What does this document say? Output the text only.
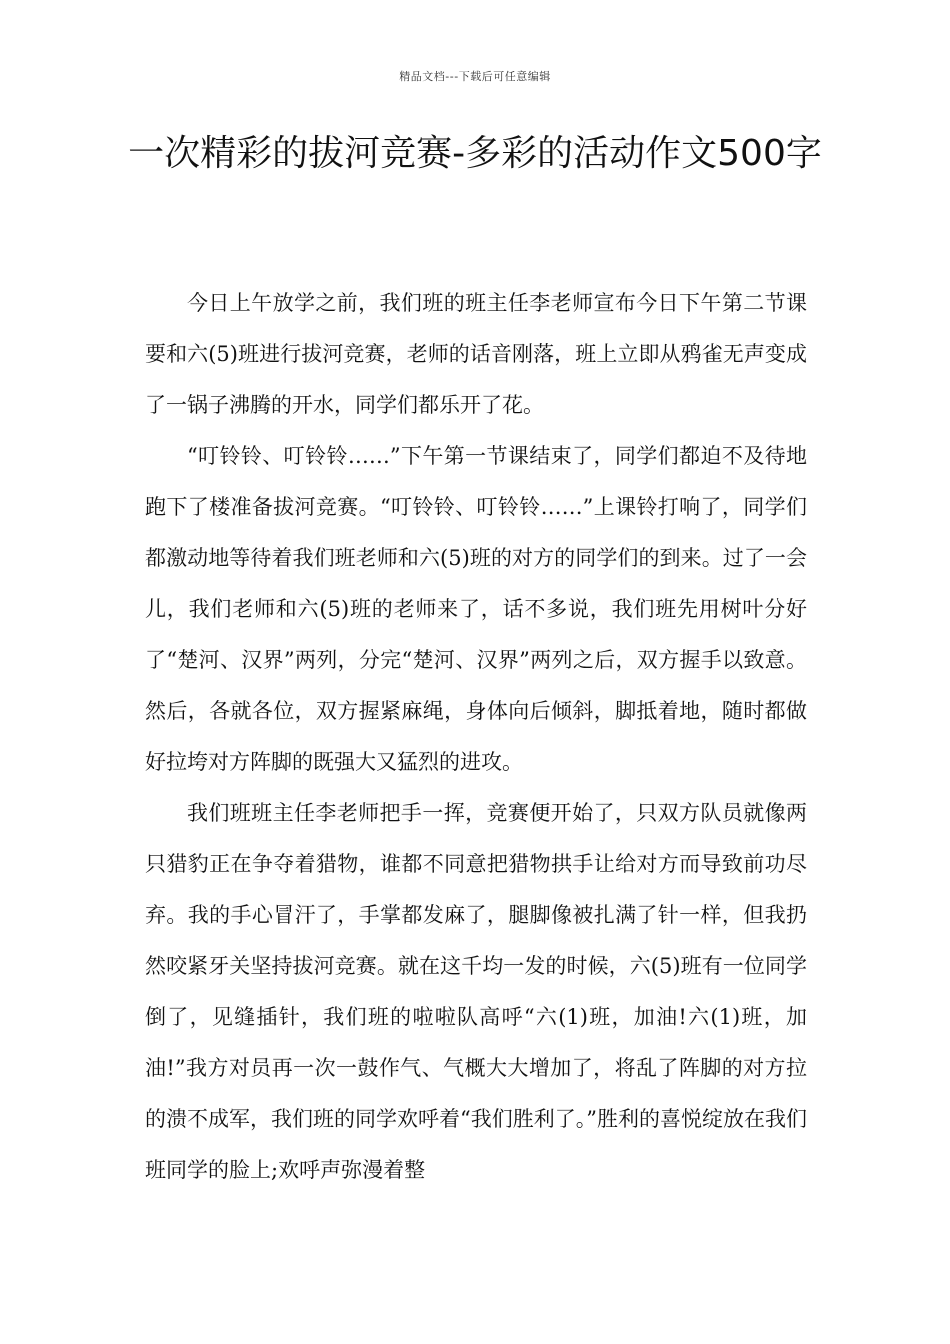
精品文档---下载后可任意编辑
一次精彩的拔河竞赛-多彩的活动作文500字

今日上午放学之前，我们班的班主任李老师宣布今日下午第二节课要和六(5)班进行拔河竞赛，老师的话音刚落，班上立即从鸦雀无声变成了一锅子沸腾的开水，同学们都乐开了花。

“叮铃铃、叮铃铃……”下午第一节课结束了，同学们都迫不及待地跑下了楼准备拔河竞赛。“叮铃铃、叮铃铃……”上课铃打响了，同学们都激动地等待着我们班老师和六(5)班的对方的同学们的到来。过了一会儿，我们老师和六(5)班的老师来了，话不多说，我们班先用树叶分好了“楚河、汉界”两列，分完“楚河、汉界”两列之后，双方握手以致意。然后，各就各位，双方握紧麻绳，身体向后倾斜，脚抵着地，随时都做好拉垮对方阵脚的既强大又猛烈的进攻。

我们班班主任李老师把手一挥，竞赛便开始了，只双方队员就像两只猎豹正在争夺着猎物，谁都不同意把猎物拱手让给对方而导致前功尽弃。我的手心冒汗了，手掌都发麻了，腿脚像被扎满了针一样，但我扔然咬紧牙关坚持拔河竞赛。就在这千均一发的时候，六(5)班有一位同学倒了，见缝插针，我们班的啦啦队高呼“六(1)班，加油!六(1)班，加油!”我方对员再一次一鼓作气、气概大大增加了，将乱了阵脚的对方拉的溃不成军，我们班的同学欢呼着“我们胜利了。”胜利的喜悦绽放在我们班同学的脸上;欢呼声弥漫着整
